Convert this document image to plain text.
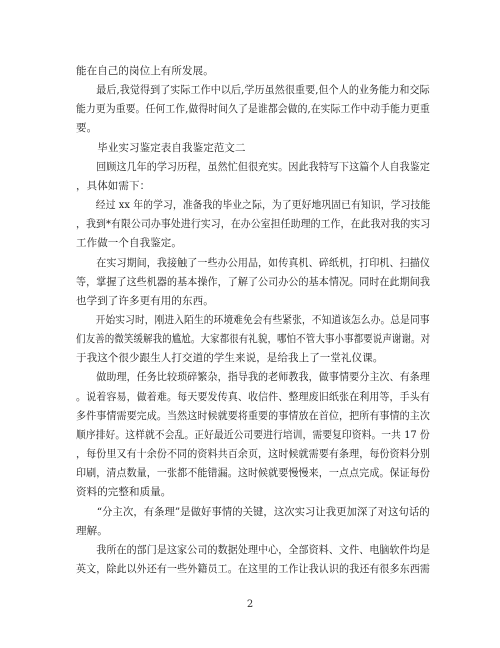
能在自己的岗位上有所发展。
　　最后,我觉得到了实际工作中以后,学历虽然很重要,但个人的业务能力和交际
能力更为重要。任何工作,做得时间久了是谁都会做的,在实际工作中动手能力更重
要。
　　毕业实习鉴定表自我鉴定范文二
　　回顾这几年的学习历程，虽然忙但很充实。因此我特写下这篇个人自我鉴定
，具体如需下：
　　经过 xx 年的学习，准备我的毕业之际，为了更好地巩固已有知识，学习技能
，我到*有限公司办事处进行实习，在办公室担任助理的工作，在此我对我的实习
工作做一个自我鉴定。
　　在实习期间，我接触了一些办公用品，如传真机、碎纸机，打印机、扫描仪
等，掌握了这些机器的基本操作，了解了公司办公的基本情况。同时在此期间我
也学到了许多更有用的东西。
　　开始实习时，刚进入陌生的环境难免会有些紧张，不知道该怎么办。总是同事
们友善的微笑缓解我的尴尬。大家都很有礼貌，哪怕不管大事小事都要说声谢谢。对
于我这个很少跟生人打交道的学生来说，是给我上了一堂礼仪课。
　　做助理，任务比较琐碎繁杂，指导我的老师教我，做事情要分主次、有条理
。说着容易，做着难。每天要发传真、收信件、整理废旧纸张在利用等，手头有
多件事情需要完成。当然这时候就要将重要的事情放在首位，把所有事情的主次
顺序排好。这样就不会乱。正好最近公司要进行培训，需要复印资料。一共 17 份
，每份里又有十余份不同的资料共百余页，这时候就需要有条理，每份资料分别
印刷，清点数量，一张都不能错漏。这时候就要慢慢来，一点点完成。保证每份
资料的完整和质量。
　　“分主次，有条理”是做好事情的关键，这次实习让我更加深了对这句话的
2
理解。
　　我所在的部门是这家公司的数据处理中心，全部资料、文件、电脑软件均是
英文，除此以外还有一些外籍员工。在这里的工作让我认识的我还有很多东西需
